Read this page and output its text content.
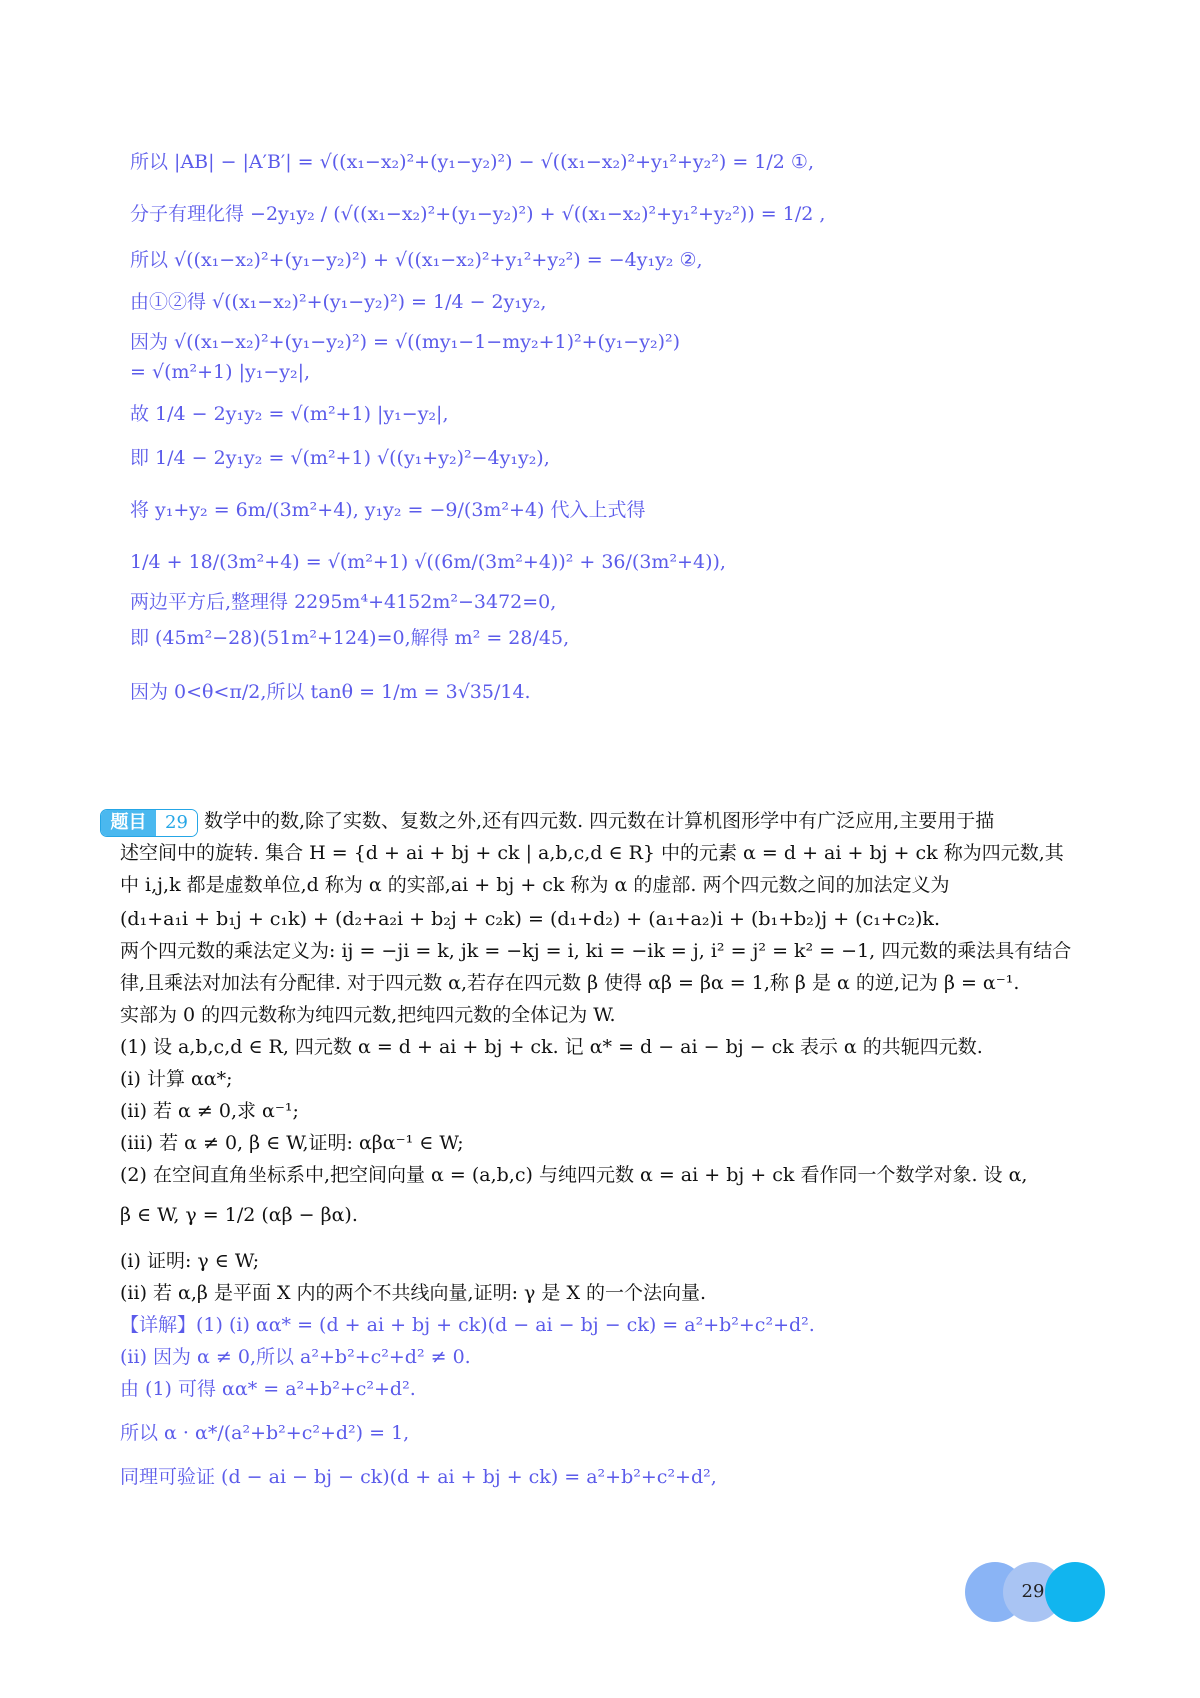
所以 |AB| − |A′B′| = √((x₁−x₂)²+(y₁−y₂)²) − √((x₁−x₂)²+y₁²+y₂²) = 1/2 ①,
分子有理化得 −2y₁y₂ / (√((x₁−x₂)²+(y₁−y₂)²) + √((x₁−x₂)²+y₁²+y₂²)) = 1/2 ,
所以 √((x₁−x₂)²+(y₁−y₂)²) + √((x₁−x₂)²+y₁²+y₂²) = −4y₁y₂ ②,
由①②得 √((x₁−x₂)²+(y₁−y₂)²) = 1/4 − 2y₁y₂,
因为 √((x₁−x₂)²+(y₁−y₂)²) = √((my₁−1−my₂+1)²+(y₁−y₂)²)
= √(m²+1) |y₁−y₂|,
故 1/4 − 2y₁y₂ = √(m²+1) |y₁−y₂|,
即 1/4 − 2y₁y₂ = √(m²+1) √((y₁+y₂)²−4y₁y₂),
将 y₁+y₂ = 6m/(3m²+4), y₁y₂ = −9/(3m²+4) 代入上式得
1/4 + 18/(3m²+4) = √(m²+1) √((6m/(3m²+4))² + 36/(3m²+4)),
两边平方后,整理得 2295m⁴+4152m²−3472=0,
即 (45m²−28)(51m²+124)=0,解得 m² = 28/45,
因为 0<θ<π/2,所以 tanθ = 1/m = 3√35/14.
题目	29 数学中的数,除了实数、复数之外,还有四元数. 四元数在计算机图形学中有广泛应用,主要用于描
述空间中的旋转. 集合 H = {d + ai + bj + ck | a,b,c,d ∈ R} 中的元素 α = d + ai + bj + ck 称为四元数,其
中 i,j,k 都是虚数单位,d 称为 α 的实部,ai + bj + ck 称为 α 的虚部. 两个四元数之间的加法定义为
(d₁+a₁i + b₁j + c₁k) + (d₂+a₂i + b₂j + c₂k) = (d₁+d₂) + (a₁+a₂)i + (b₁+b₂)j + (c₁+c₂)k.
两个四元数的乘法定义为: ij = −ji = k, jk = −kj = i, ki = −ik = j, i² = j² = k² = −1, 四元数的乘法具有结合
律,且乘法对加法有分配律. 对于四元数 α,若存在四元数 β 使得 αβ = βα = 1,称 β 是 α 的逆,记为 β = α⁻¹.
实部为 0 的四元数称为纯四元数,把纯四元数的全体记为 W.
(1) 设 a,b,c,d ∈ R, 四元数 α = d + ai + bj + ck. 记 α* = d − ai − bj − ck 表示 α 的共轭四元数.
(i) 计算 αα*;
(ii) 若 α ≠ 0,求 α⁻¹;
(iii) 若 α ≠ 0, β ∈ W,证明: αβα⁻¹ ∈ W;
(2) 在空间直角坐标系中,把空间向量 α = (a,b,c) 与纯四元数 α = ai + bj + ck 看作同一个数学对象. 设 α,
β ∈ W, γ = 1/2 (αβ − βα).
(i) 证明: γ ∈ W;
(ii) 若 α,β 是平面 X 内的两个不共线向量,证明: γ 是 X 的一个法向量.
【详解】(1) (i) αα* = (d + ai + bj + ck)(d − ai − bj − ck) = a²+b²+c²+d².
(ii) 因为 α ≠ 0,所以 a²+b²+c²+d² ≠ 0.
由 (1) 可得 αα* = a²+b²+c²+d².
所以 α · α*/(a²+b²+c²+d²) = 1,
同理可验证 (d − ai − bj − ck)(d + ai + bj + ck) = a²+b²+c²+d²,
29
